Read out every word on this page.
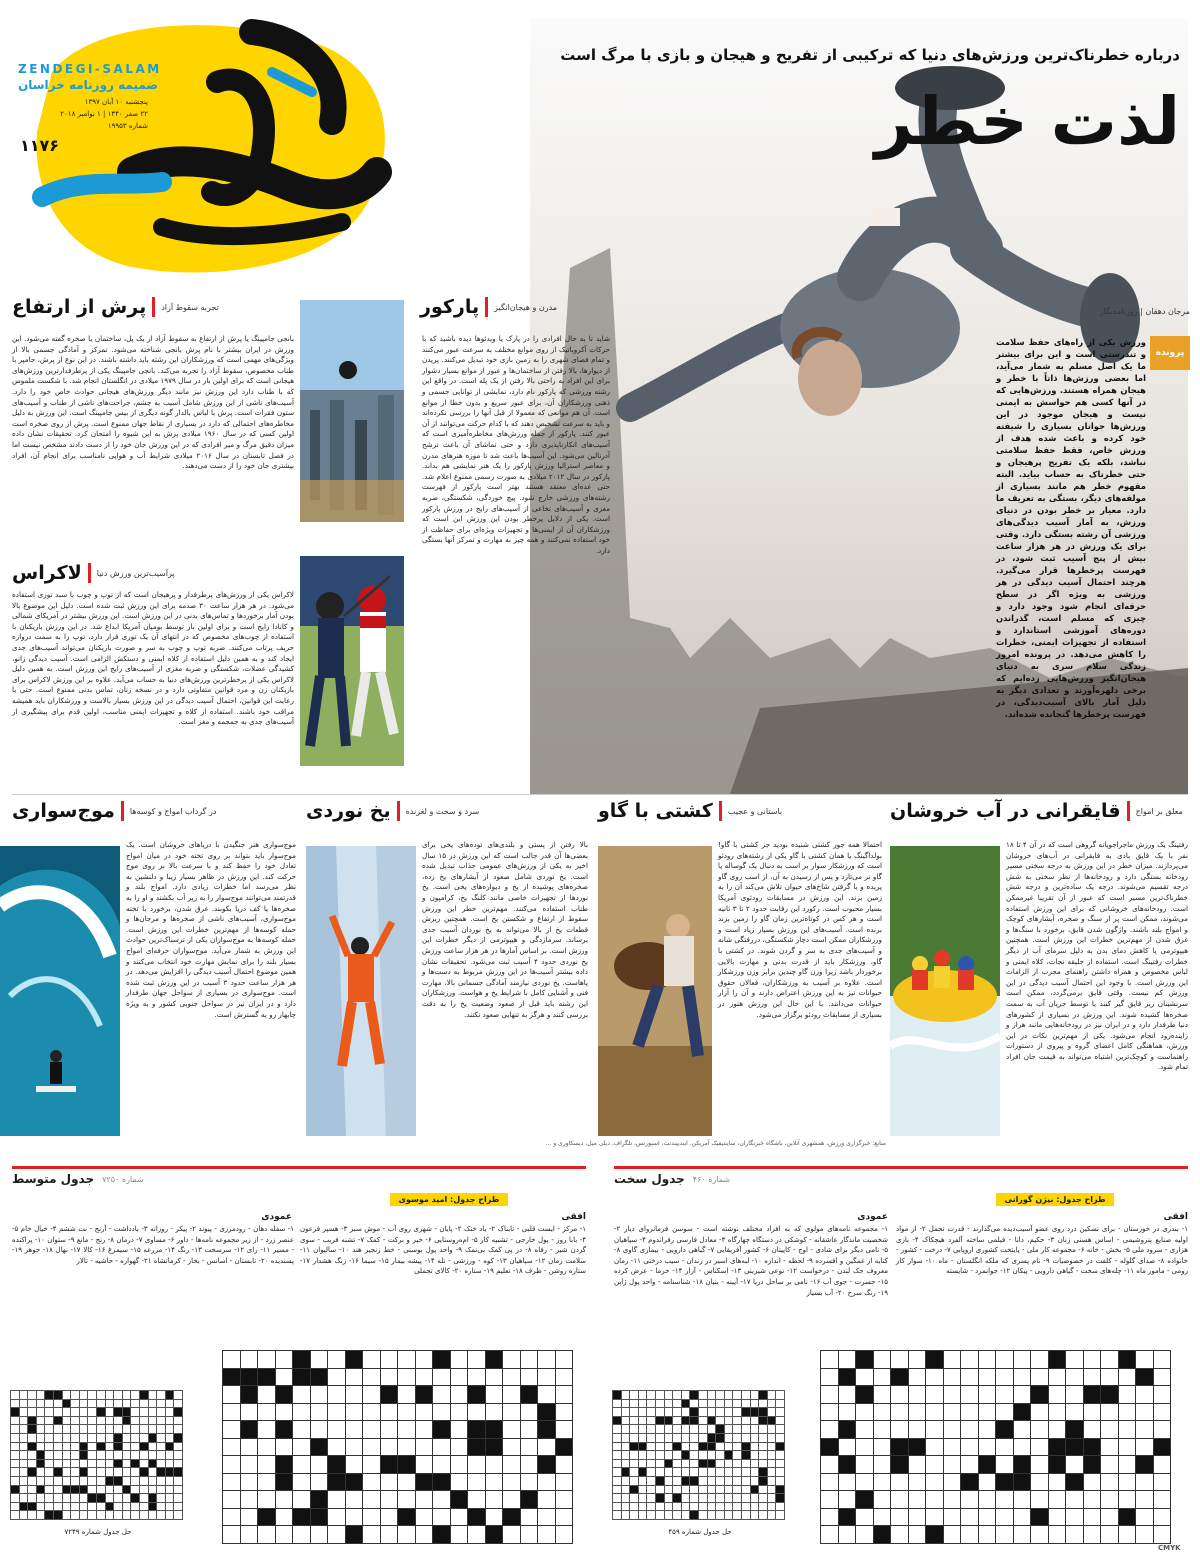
ZENDEGI-SALAM
ضمیمه روزنامه خراسان
پنجشنبه ۱۰ آبان ۱۳۹۷
۲۲ صفر ۱۴۴۰ | ۱ نوامبر ۲۰۱۸
شماره ۱۹۹۵۳
۱۱۷۶
درباره خطرناک‌ترین ورزش‌های دنیا که ترکیبی از تفریح و هیجان و بازی با مرگ است
لذت خطر
مرجان دهقان | روزنامه‌نگار
پرونده
ورزش یکی از راه‌های حفظ سلامت و تندرستی است و این برای بیشتر ما یک اصل مسلم به شمار می‌آید، اما بعضی ورزش‌ها ذاتاً با خطر و هیجان همراه هستند. ورزش‌هایی که در آنها کسی هم حواسش به ایمنی نیست و هیجان موجود در این ورزش‌ها جوانان بسیاری را شیفته خود کرده و باعث شده هدف از ورزش خاص، فقط حفظ سلامتی نباشد، بلکه یک تفریح پرهیجان و حتی خطرناک به حساب بیاید. البته مفهوم خطر هم مانند بسیاری از مولفه‌های دیگر، بستگی به تعریف ما دارد. معیار بر خطر بودن در دنیای ورزش، به آمار آسیب دیدگی‌های ورزشی آن رشته بستگی دارد. وقتی برای یک ورزش در هر هزار ساعت بیش از پنج آسیب ثبت شود، در فهرست پرخطرها قرار می‌گیرد. هرچند احتمال آسیب دیدگی در هر ورزشی به ویژه اگر در سطح حرفه‌ای انجام شود وجود دارد و چیزی که مسلم است، گذراندن دوره‌های آموزشی استاندارد و استفاده از تجهیزات ایمنی، خطرات را کاهش می‌دهد. در پرونده امروز زندگی سلام سری به دنیای هیجان‌انگیز ورزش‌هایی زده‌ایم که برخی دلهره‌آورند و تعدادی دیگر به دلیل آمار بالای آسیب‌دیدگی، در فهرست پرخطرها گنجانده شده‌اند.
پارکور مدرن و هیجان‌انگیز
شاید تا به حال افرادی را در پارک یا ویدئوها دیده باشید که با حرکات آکروباتیک از روی موانع مختلف به سرعت عبور می‌کنند و تمام فضای شهری را به زمین بازی خود تبدیل می‌کنند. پریدن از دیوارها، بالا رفتن از ساختمان‌ها و عبور از موانع بسیار دشوار برای این افراد به راحتی بالا رفتن از یک پله است. در واقع این رشته ورزشی که پارکور نام دارد، نمایشی از توانایی جسمی و ذهنی ورزشکاران آن، برای عبور سریع و بدون خطا از موانع است. آن هم موانعی که معمولا از قبل آنها را بررسی نکرده‌اند و باید به سرعت تشخیص دهند که با کدام حرکت می‌توانند از آن عبور کنند. پارکور از جمله ورزش‌های مخاطره‌آمیزی است که آسیب‌های انکارناپذیری دارد و حتی تماشای آن باعث ترشح آدرنالین می‌شود. این آسیب‌ها باعث شد تا موزه هنرهای مدرن و معاصر استرالیا ورزش پارکور را یک هنر نمایشی هم بداند. پارکور در سال ۲۰۱۲ میلادی به صورت رسمی ممنوع اعلام شد. حتی عده‌ای معتقد هستند بهتر است پارکور از فهرست رشته‌های ورزشی خارج شود. پیچ خوردگی، شکستگی، ضربه مغزی و آسیب‌های نخاعی از آسیب‌های رایج در ورزش پارکور است. یکی از دلایل پرخطر بودن این ورزش این است که ورزشکاران آن از ایمنی‌ها و تجهیزات ویژه‌ای برای حفاظت از خود استفاده نمی‌کنند و همه چیز به مهارت و تمرکز آنها بستگی دارد.
پرش از ارتفاع تجربه سقوط آزاد
بانجی جامپینگ یا پرش از ارتفاع به سقوط آزاد از یک پل، ساختمان یا صخره گفته می‌شود. این ورزش در ایران بیشتر با نام پرش بانجی شناخته می‌شود. تمرکز و آمادگی جسمی بالا از ویژگی‌های مهمی است که ورزشکاران این رشته باید داشته باشند. در این نوع از پرش، جامپر با طناب مخصوص، سقوط آزاد را تجربه می‌کند. بانجی جامپینگ یکی از پرطرفدارترین ورزش‌های هیجانی است که برای اولین بار در سال ۱۹۷۹ میلادی در انگلستان انجام شد. با شکست ملموس که با طناب دارد این ورزش نیز مانند دیگر ورزش‌های هیجانی حوادث خاص خود را دارد. آسیب‌های ناشی از این ورزش شامل آسیب به چشم، جراحت‌های ناشی از طناب و آسیب‌های ستون فقرات است. پرش با لباس بالدار گونه دیگری از بیس جامپینگ است. این ورزش به دلیل مخاطره‌های احتمالی که دارد در بسیاری از نقاط جهان ممنوع است. پرش از روی صخره است اولین کسی که در سال ۱۹۶۰ میلادی پرش به این شیوه را امتحان کرد. تحقیقات نشان داده میزان دقیق مرگ و میر افرادی که در این ورزش جان خود را از دست دادند مشخص نیست اما در فصل تابستان در سال ۲۰۱۶ میلادی شرایط آب و هوایی نامناسب برای انجام آن، افراد بیشتری جان خود را از دست می‌دهند.
لاکراس پرآسیب‌ترین ورزش دنیا
لاکراس یکی از ورزش‌های پرطرفدار و پرهیجان است که از توپ و چوب با سبد توری استفاده می‌شود. در هر هزار ساعت ۳۰ صدمه برای این ورزش ثبت شده است. دلیل این موضوع بالا بودن آمار برخوردها و تماس‌های بدنی در این ورزش است. این ورزش بیشتر در آمریکای شمالی و کانادا رایج است و برای اولین بار توسط بومیان آمریکا ابداع شد. در این ورزش بازیکنان با استفاده از چوب‌های مخصوص که در انتهای آن یک توری قرار دارد، توپ را به سمت دروازه حریف پرتاب می‌کنند. ضربه توپ و چوب به سر و صورت بازیکنان می‌تواند آسیب‌های جدی ایجاد کند و به همین دلیل استفاده از کلاه ایمنی و دستکش الزامی است. آسیب دیدگی زانو، کشیدگی عضلات، شکستگی و ضربه مغزی از آسیب‌های رایج این ورزش است. به همین دلیل لاکراس یکی از پرخطرترین ورزش‌های دنیا به حساب می‌آید. علاوه بر این ورزش لاکراس برای بازیکنان زن و مرد قوانین متفاوتی دارد و در نسخه زنان، تماس بدنی ممنوع است. حتی با رعایت این قوانین، احتمال آسیب دیدگی در این ورزش بسیار بالاست و ورزشکاران باید همیشه مراقب خود باشند. استفاده از کلاه و تجهیزات ایمنی مناسب، اولین قدم برای پیشگیری از آسیب‌های جدی به جمجمه و مغز است.
قایقرانی در آب خروشان معلق بر امواج
رفتینگ یک ورزش ماجراجویانه گروهی است که در آن ۴ تا ۱۸ نفر با یک قایق بادی به قایقرانی در آب‌های خروشان می‌پردازند. میزان خطر در این ورزش به درجه سختی مسیر رودخانه بستگی دارد و رودخانه‌ها از نظر سختی به شش درجه تقسیم می‌شوند. درجه یک ساده‌ترین و درجه شش خطرناک‌ترین مسیر است که عبور از آن تقریبا غیرممکن است. رودخانه‌های خروشانی که برای این ورزش استفاده می‌شوند، ممکن است پر از سنگ و صخره، آبشارهای کوچک و امواج بلند باشند. واژگون شدن قایق، برخورد با سنگ‌ها و غرق شدن از مهم‌ترین خطرات این ورزش است. همچنین هیپوترمی یا کاهش دمای بدن به دلیل سرمای آب از دیگر خطرات رفتینگ است. استفاده از جلیقه نجات، کلاه ایمنی و لباس مخصوص و همراه داشتن راهنمای مجرب از الزامات این ورزش است. با وجود این احتمال آسیب دیدگی در این ورزش کم نیست. وقتی قایق برمی‌گردد، ممکن است سرنشینان زیر قایق گیر کنند یا توسط جریان آب به سمت صخره‌ها کشیده شوند. این ورزش در بسیاری از کشورهای دنیا طرفدار دارد و در ایران نیز در رودخانه‌هایی مانند هراز و زاینده‌رود انجام می‌شود. یکی از مهم‌ترین نکات در این ورزش، هماهنگی کامل اعضای گروه و پیروی از دستورات راهنماست و کوچک‌ترین اشتباه می‌تواند به قیمت جان افراد تمام شود.
کشتی با گاو باستانی و عجیب
احتمالا همه جور کشتی شنیده بودید جز کشتی با گاو! بولداگینگ یا همان کشتی با گاو یکی از رشته‌های رودئو است که ورزشکار سوار بر اسب به دنبال یک گوساله یا گاو نر می‌تازد و پس از رسیدن به آن، از اسب روی گاو پریده و با گرفتن شاخ‌های حیوان تلاش می‌کند آن را به زمین بزند. این ورزش در مسابقات رودئوی آمریکا بسیار محبوب است. رکورد این رقابت حدود ۲ تا ۳ ثانیه است و هر کس در کوتاه‌ترین زمان گاو را زمین بزند برنده است. آسیب‌های این ورزش بسیار زیاد است و ورزشکاران ممکن است دچار شکستگی، دررفتگی شانه و آسیب‌های جدی به سر و گردن شوند. در کشتی با گاو، ورزشکار باید از قدرت بدنی و مهارت بالایی برخوردار باشد زیرا وزن گاو چندین برابر وزن ورزشکار است. علاوه بر آسیب به ورزشکاران، فعالان حقوق حیوانات نیز به این ورزش اعتراض دارند و آن را آزار حیوانات می‌دانند. با این حال این ورزش هنوز در بسیاری از مسابقات رودئو برگزار می‌شود.
یخ نوردی سرد و سخت و لغزنده
بالا رفتن از پستی و بلندی‌های توده‌های یخی برای بعضی‌ها آن قدر جالب است که این ورزش در ۱۵ سال اخیر به یکی از ورزش‌های عمومی جذاب تبدیل شده است. یخ نوردی شامل صعود از آبشارهای یخ زده، صخره‌های پوشیده از یخ و دیواره‌های یخی است. یخ نوردها از تجهیزات خاصی مانند کلنگ یخ، کرامپون و طناب استفاده می‌کنند. مهم‌ترین خطر این ورزش سقوط از ارتفاع و شکستن یخ است. همچنین ریزش قطعات یخ از بالا می‌تواند به یخ نوردان آسیب جدی برساند. سرمازدگی و هیپوترمی از دیگر خطرات این ورزش است. بر اساس آمارها در هر هزار ساعت ورزش یخ نوردی حدود ۴ آسیب ثبت می‌شود. تحقیقات نشان داده بیشتر آسیب‌ها در این ورزش مربوط به دست‌ها و پاهاست. یخ نوردی نیازمند آمادگی جسمانی بالا، مهارت فنی و آشنایی کامل با شرایط یخ و هواست. ورزشکاران این رشته باید قبل از صعود وضعیت یخ را به دقت بررسی کنند و هرگز به تنهایی صعود نکنند.
موج‌سواری در گرداب امواج و کوسه‌ها
موج‌سواری هنر جنگیدن با دریاهای خروشان است. یک موج‌سوار باید بتواند بر روی تخته خود در میان امواج تعادل خود را حفظ کند و با سرعت بالا بر روی موج حرکت کند. این ورزش در ظاهر بسیار زیبا و دلنشین به نظر می‌رسد اما خطرات زیادی دارد. امواج بلند و قدرتمند می‌توانند موج‌سوار را به زیر آب بکشند و او را به صخره‌ها یا کف دریا بکوبند. غرق شدن، برخورد با تخته موج‌سواری، آسیب‌های ناشی از صخره‌ها و مرجان‌ها و حمله کوسه‌ها از مهم‌ترین خطرات این ورزش است. حمله کوسه‌ها به موج‌سواران یکی از ترسناک‌ترین حوادث این ورزش به شمار می‌آید. موج‌سواران حرفه‌ای امواج بسیار بلند را برای نمایش مهارت خود انتخاب می‌کنند و همین موضوع احتمال آسیب دیدگی را افزایش می‌دهد. در هر هزار ساعت حدود ۳ آسیب در این ورزش ثبت شده است. موج‌سواری در بسیاری از سواحل جهان طرفدار دارد و در ایران نیز در سواحل جنوبی کشور و به ویژه چابهار رو به گسترش است.
منابع: خبرگزاری ورزش، همشهری آنلاین، باشگاه خبرنگاران، ساینتیفیک آمریکن، ایندیپندنت، اسپورتس، تلگراف، دیلی میل، دیسکاوری و ...
جدول سخت شماره ۴۶۰
طراح جدول: بیژن گورانی
افقی
۱- بندری در خوزستان - برای تسکین درد روی عضو آسیب‌دیده می‌گذارند - قدرت تحمل ۲- از مواد اولیه صنایع پتروشیمی - اساس هستی زنان ۳- حکیم، دانا - فیلمی ساخته آلفرد هیچکاک ۴- بازی هزاری - سرود ملی ۵- بخش - خانه ۶- مجموعه کار ملی - پایتخت کشوری اروپایی ۷- درخت - کشور - خانواده ۸- صدای گلوله - کلفت در خصوصیات ۹- نام پسری که ملکه انگلستان - ماه ۱۰- سوار کار رومی - مامور ماه ۱۱- چله‌های سخت - گیاهی دارویی - پیکان ۱۲- جوانمرد - شایسته
عمودی
۱- مجموعه نامه‌های مولوی که به افراد مختلف نوشته است - سوسن فرمانروای دیار ۲- شخصیت ماندگار عاشقانه - کوشکی در دستگاه چهارگاه ۳- معادل فارسی رفراندوم ۴- سپاهیان ۵- نامی دیگر برای شادی - اوج - کاپیتان ۶- کشور آفریقایی ۷- گیاهی دارویی - بیماری گاوی ۸- کنایه از غمگین و افسرده ۹- لحظه - اندازه ۱۰- لبه‌های اسیر در زندان - سیب درختی ۱۱- رمان معروف جک لندن - درخواست ۱۲- نوعی شیرینی ۱۳- اسکناس - آزار ۱۴- خرما - عرض کرده ۱۵- حسرت - جوی آب ۱۶- نامی بر ساحل دریا ۱۷- آیینه - بنیان ۱۸- شناسنامه - واحد پول ژاپن ۱۹- رنگ سرخ ۲۰- آب بسیار

حل جدول شماره ۴۵۹
جدول متوسط شماره ۷۲۵۰
طراح جدول: امید موسوی
افقی
۱- مرکز - ایست قلبی - تابناک ۲- یاد خنک ۲- پایان - شهری روی آب - موش سبز ۳- هسپر فرعون ۴- بابا روز - پول خارجی - تشبیه کار ۵- ام‌ه‌روستایی ۶- خیر و برکت - کمک ۷- تشنه فریب - سوی گردن شیر - رفاه ۸- در پی کمک بی‌نمک ۹- واحد پول بوسنی - خط زنجیر هند ۱۰- سالیوان ۱۱- سلامت زمان ۱۲- سپاهیان ۱۳- کوه - ورزشی - تله ۱۴- پیشه بیمار ۱۵- سیما ۱۶- زنگ هشدار ۱۷- ستاره روشن - ظرف ۱۸- تعلیم ۱۹- ستاره ۲۰- کالای تجملی
عمودی
۱- سفله دهان - رودمرزی - پیوند ۲- پیکر - روزانه ۳- بادداشت - آرنج - نت ششم ۴- خیال خام ۵- عنصر زرد - از زیر مجموعه نامه‌ها - داور ۶- مساوی ۷- درمان ۸- رنج - مانع ۹- ستوان ۱۰- پراکنده - مسیر ۱۱- رای ۱۲- سرسخت ۱۳- رنگ ۱۴- مزرعه ۱۵- سیمرغ ۱۶- کالا ۱۷- نهال ۱۸- جوهر ۱۹- پسندیده ۲۰- تابستان - اسانس - بخار - کرمانشاه ۲۱- گهواره - حاشیه - تالار

حل جدول شماره ۷۲۴۹
CMYK
